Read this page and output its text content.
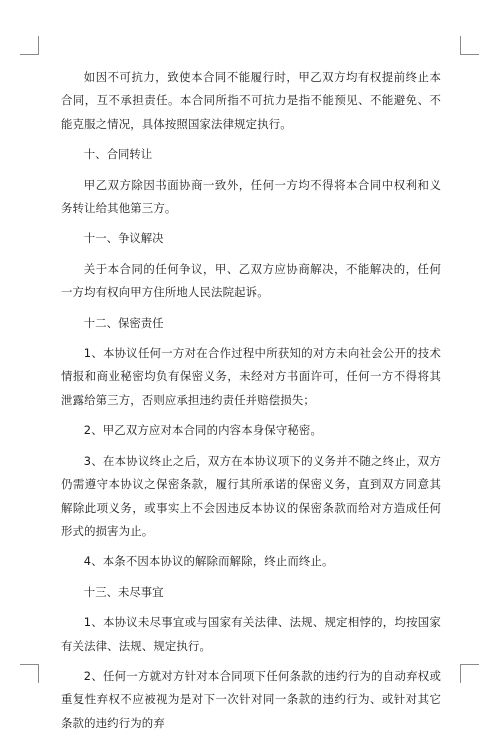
如因不可抗力，致使本合同不能履行时，甲乙双方均有权提前终止本合同，互不承担责任。本合同所指不可抗力是指不能预见、不能避免、不能克服之情况，具体按照国家法律规定执行。

十、合同转让

甲乙双方除因书面协商一致外，任何一方均不得将本合同中权利和义务转让给其他第三方。

十一、争议解决

关于本合同的任何争议，甲、乙双方应协商解决，不能解决的，任何一方均有权向甲方住所地人民法院起诉。

十二、保密责任

1、本协议任何一方对在合作过程中所获知的对方未向社会公开的技术情报和商业秘密均负有保密义务，未经对方书面许可，任何一方不得将其泄露给第三方，否则应承担违约责任并赔偿损失；

2、甲乙双方应对本合同的内容本身保守秘密。

3、在本协议终止之后，双方在本协议项下的义务并不随之终止，双方仍需遵守本协议之保密条款，履行其所承诺的保密义务，直到双方同意其解除此项义务，或事实上不会因违反本协议的保密条款而给对方造成任何形式的损害为止。

4、本条不因本协议的解除而解除，终止而终止。

十三、未尽事宜

1、本协议未尽事宜或与国家有关法律、法规、规定相悖的，均按国家有关法律、法规、规定执行。

2、任何一方就对方针对本合同项下任何条款的违约行为的自动弃权或重复性弃权不应被视为是对下一次针对同一条款的违约行为、或针对其它条款的违约行为的弃
